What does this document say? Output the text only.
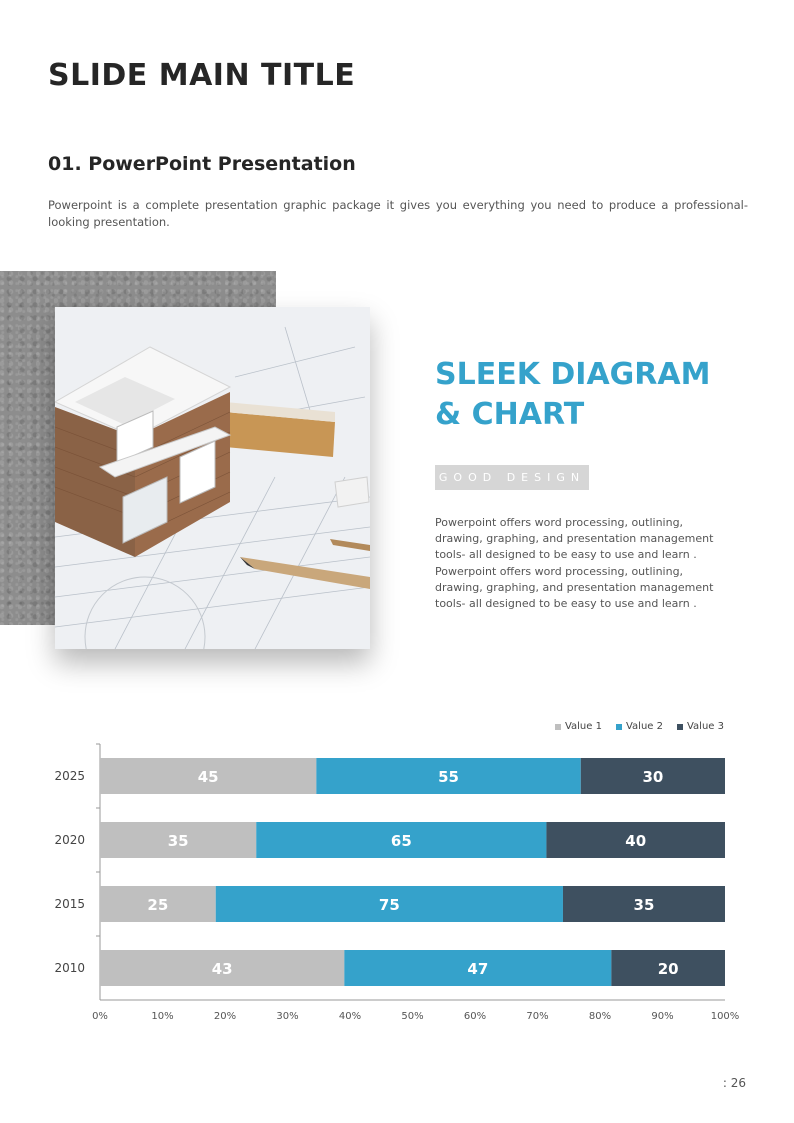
SLIDE MAIN TITLE
01. PowerPoint Presentation

Powerpoint is a complete presentation graphic package it gives you everything you need to produce a professional-looking presentation.

SLEEK DIAGRAM
& CHART
GOOD DESIGN

Powerpoint offers word processing, outlining, drawing, graphing, and presentation management tools- all designed to be easy to use and learn . Powerpoint offers word processing, outlining, drawing, graphing, and presentation management tools- all designed to be easy to use and learn .

Value 1 Value 2 Value 3
2025	45	55	30
2020	35	65	40
2015	25	75	35
2010	43	47	20
0%	10%	20%	30%	40%	50%	60%	70%	80%	90%	100%
: 26
